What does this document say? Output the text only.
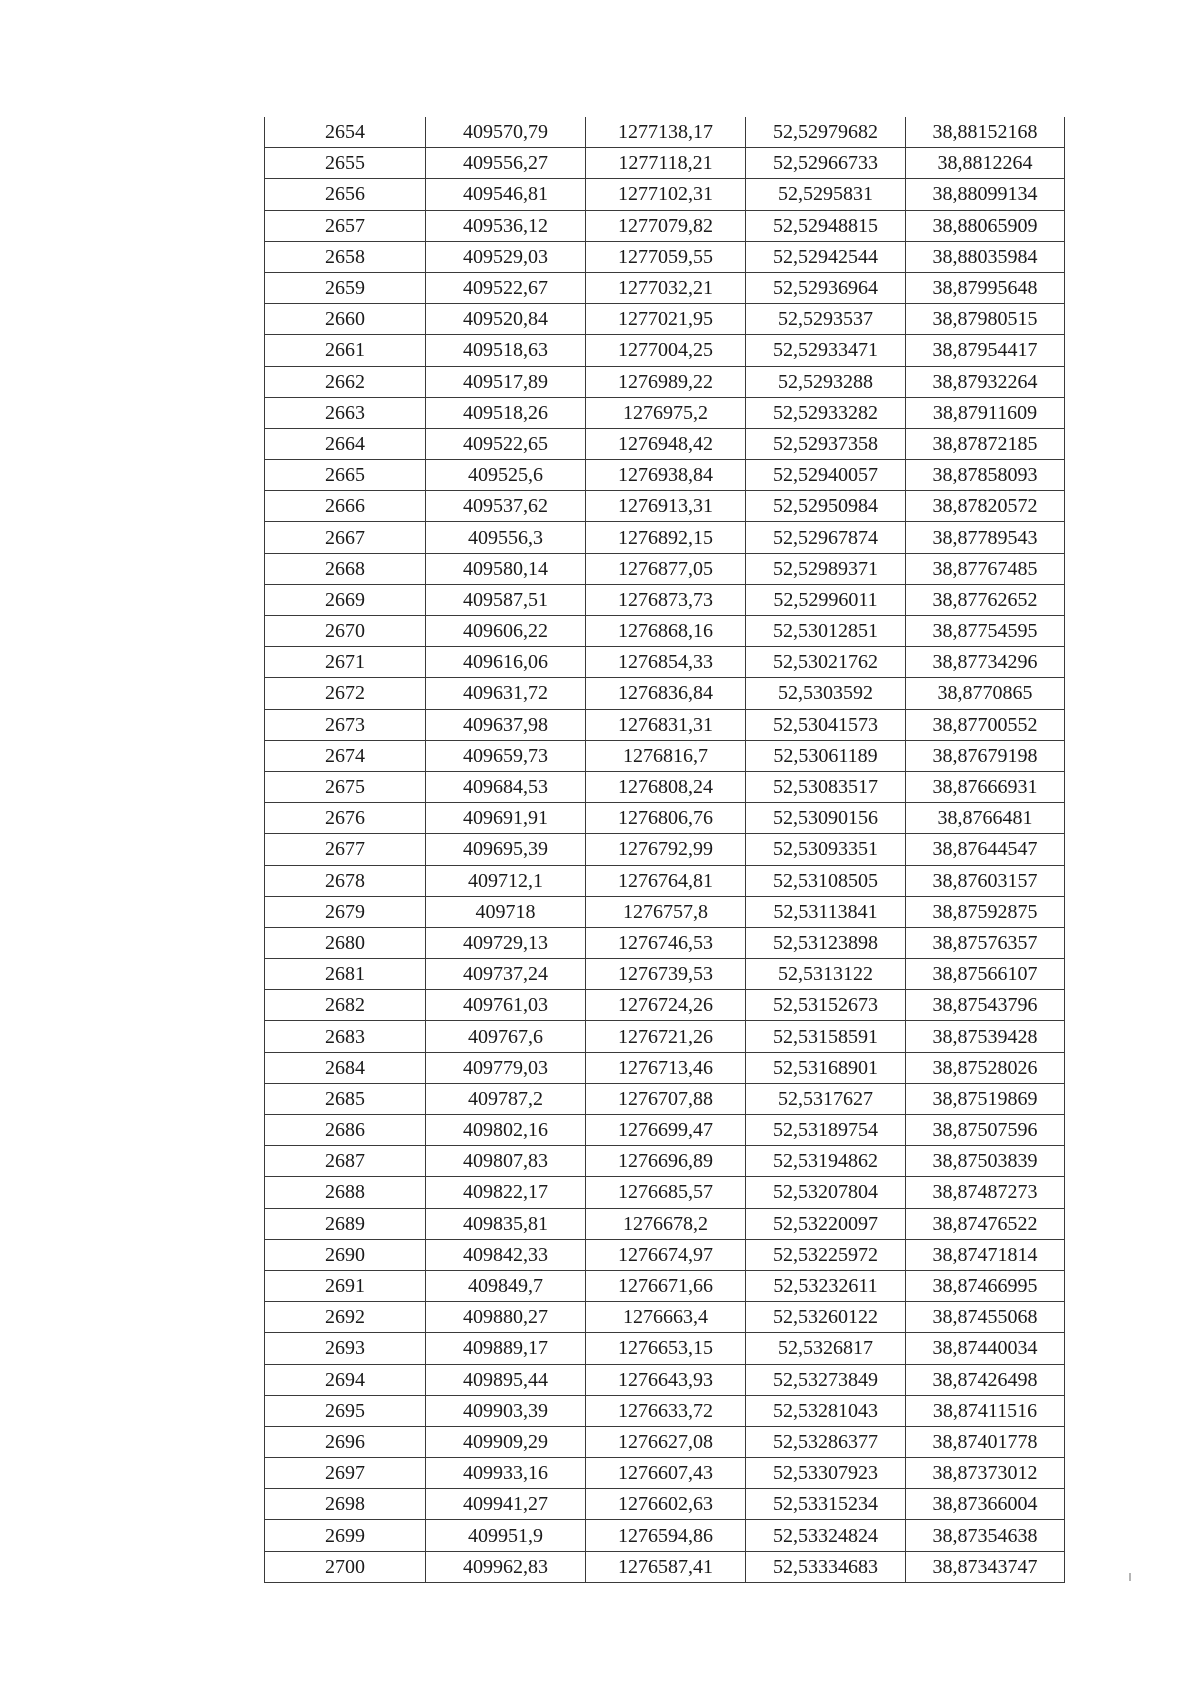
2654	409570,79	1277138,17	52,52979682	38,88152168
2655	409556,27	1277118,21	52,52966733	38,8812264
2656	409546,81	1277102,31	52,5295831	38,88099134
2657	409536,12	1277079,82	52,52948815	38,88065909
2658	409529,03	1277059,55	52,52942544	38,88035984
2659	409522,67	1277032,21	52,52936964	38,87995648
2660	409520,84	1277021,95	52,5293537	38,87980515
2661	409518,63	1277004,25	52,52933471	38,87954417
2662	409517,89	1276989,22	52,5293288	38,87932264
2663	409518,26	1276975,2	52,52933282	38,87911609
2664	409522,65	1276948,42	52,52937358	38,87872185
2665	409525,6	1276938,84	52,52940057	38,87858093
2666	409537,62	1276913,31	52,52950984	38,87820572
2667	409556,3	1276892,15	52,52967874	38,87789543
2668	409580,14	1276877,05	52,52989371	38,87767485
2669	409587,51	1276873,73	52,52996011	38,87762652
2670	409606,22	1276868,16	52,53012851	38,87754595
2671	409616,06	1276854,33	52,53021762	38,87734296
2672	409631,72	1276836,84	52,5303592	38,8770865
2673	409637,98	1276831,31	52,53041573	38,87700552
2674	409659,73	1276816,7	52,53061189	38,87679198
2675	409684,53	1276808,24	52,53083517	38,87666931
2676	409691,91	1276806,76	52,53090156	38,8766481
2677	409695,39	1276792,99	52,53093351	38,87644547
2678	409712,1	1276764,81	52,53108505	38,87603157
2679	409718	1276757,8	52,53113841	38,87592875
2680	409729,13	1276746,53	52,53123898	38,87576357
2681	409737,24	1276739,53	52,5313122	38,87566107
2682	409761,03	1276724,26	52,53152673	38,87543796
2683	409767,6	1276721,26	52,53158591	38,87539428
2684	409779,03	1276713,46	52,53168901	38,87528026
2685	409787,2	1276707,88	52,5317627	38,87519869
2686	409802,16	1276699,47	52,53189754	38,87507596
2687	409807,83	1276696,89	52,53194862	38,87503839
2688	409822,17	1276685,57	52,53207804	38,87487273
2689	409835,81	1276678,2	52,53220097	38,87476522
2690	409842,33	1276674,97	52,53225972	38,87471814
2691	409849,7	1276671,66	52,53232611	38,87466995
2692	409880,27	1276663,4	52,53260122	38,87455068
2693	409889,17	1276653,15	52,5326817	38,87440034
2694	409895,44	1276643,93	52,53273849	38,87426498
2695	409903,39	1276633,72	52,53281043	38,87411516
2696	409909,29	1276627,08	52,53286377	38,87401778
2697	409933,16	1276607,43	52,53307923	38,87373012
2698	409941,27	1276602,63	52,53315234	38,87366004
2699	409951,9	1276594,86	52,53324824	38,87354638
2700	409962,83	1276587,41	52,53334683	38,87343747
